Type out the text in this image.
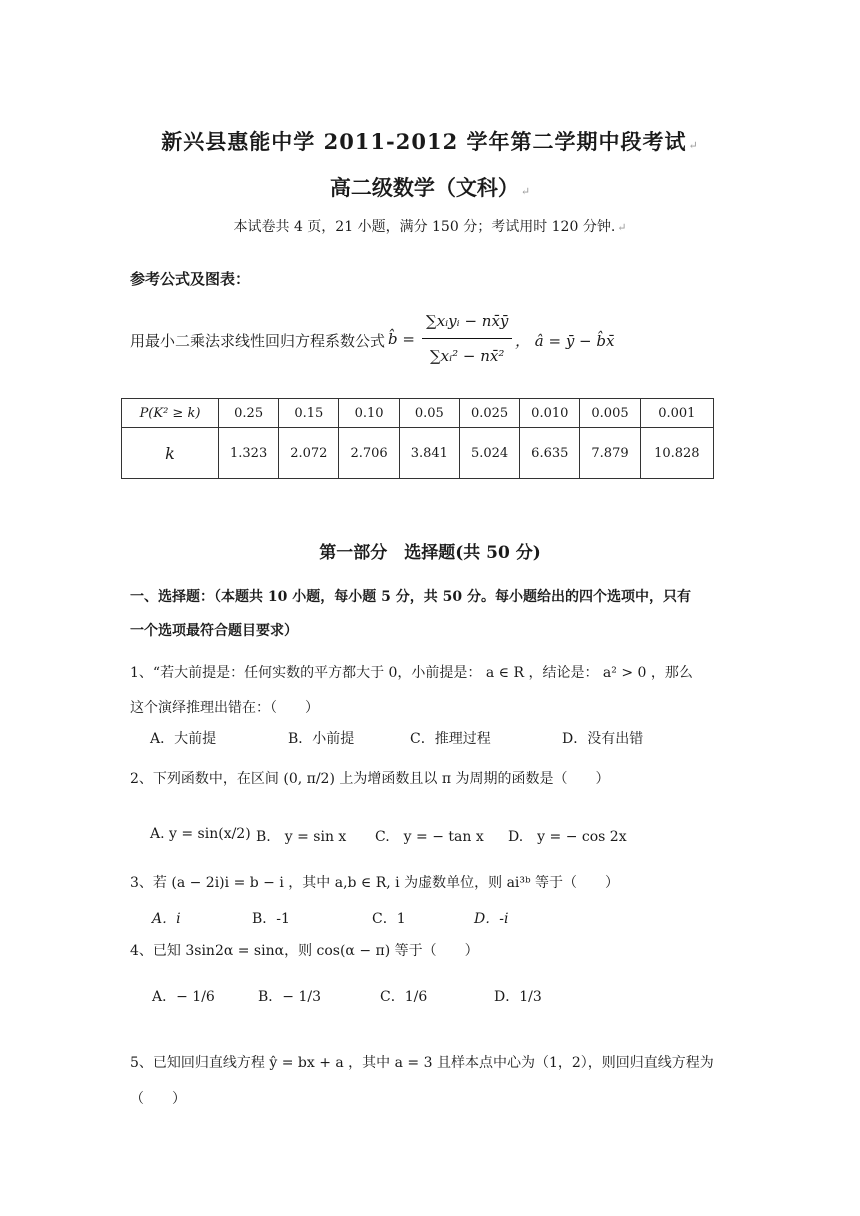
新兴县惠能中学 2011-2012 学年第二学期中段考试 ↵
高二级数学（文科） ↵
本试卷共 4 页，21 小题，满分 150 分；考试用时 120 分钟. ↵
参考公式及图表：
用最小二乘法求线性回归方程系数公式 b̂ =
∑xᵢyᵢ − nx̄ȳ
∑xᵢ² − nx̄²
， â = ȳ − b̂x̄
P(K² ≥ k)	0.25	0.15	0.10	0.05	0.025	0.010	0.005	0.001
k	1.323	2.072	2.706	3.841	5.024	6.635	7.879	10.828
第一部分　选择题(共 50 分)
一、选择题：（本题共 10 小题，每小题 5 分，共 50 分。每小题给出的四个选项中，只有
一个选项最符合题目要求）
1、“若大前提是：任何实数的平方都大于 0，小前提是： a ∈ R ，结论是： a² > 0 ，那么
这个演绎推理出错在：（　　）
A．大前提	B．小前提	C．推理过程	D．没有出错
2、下列函数中，在区间 (0, π/2) 上为增函数且以 π 为周期的函数是（　　）
A. y = sin(x/2) B.　y = sin x C.　y = − tan x D.　y = − cos 2x
3、若 (a − 2i)i = b − i ，其中 a,b ∈ R, i 为虚数单位，则 ai³ᵇ 等于（　　）
A．i	B．-1	C．1	D．-i
4、已知 3sin2α = sinα，则 cos(α − π) 等于（　　）
A．− 1/6	B．− 1/3	C．1/6	D．1/3
5、已知回归直线方程 ŷ = bx + a ，其中 a = 3 且样本点中心为（1，2），则回归直线方程为
（　　）
